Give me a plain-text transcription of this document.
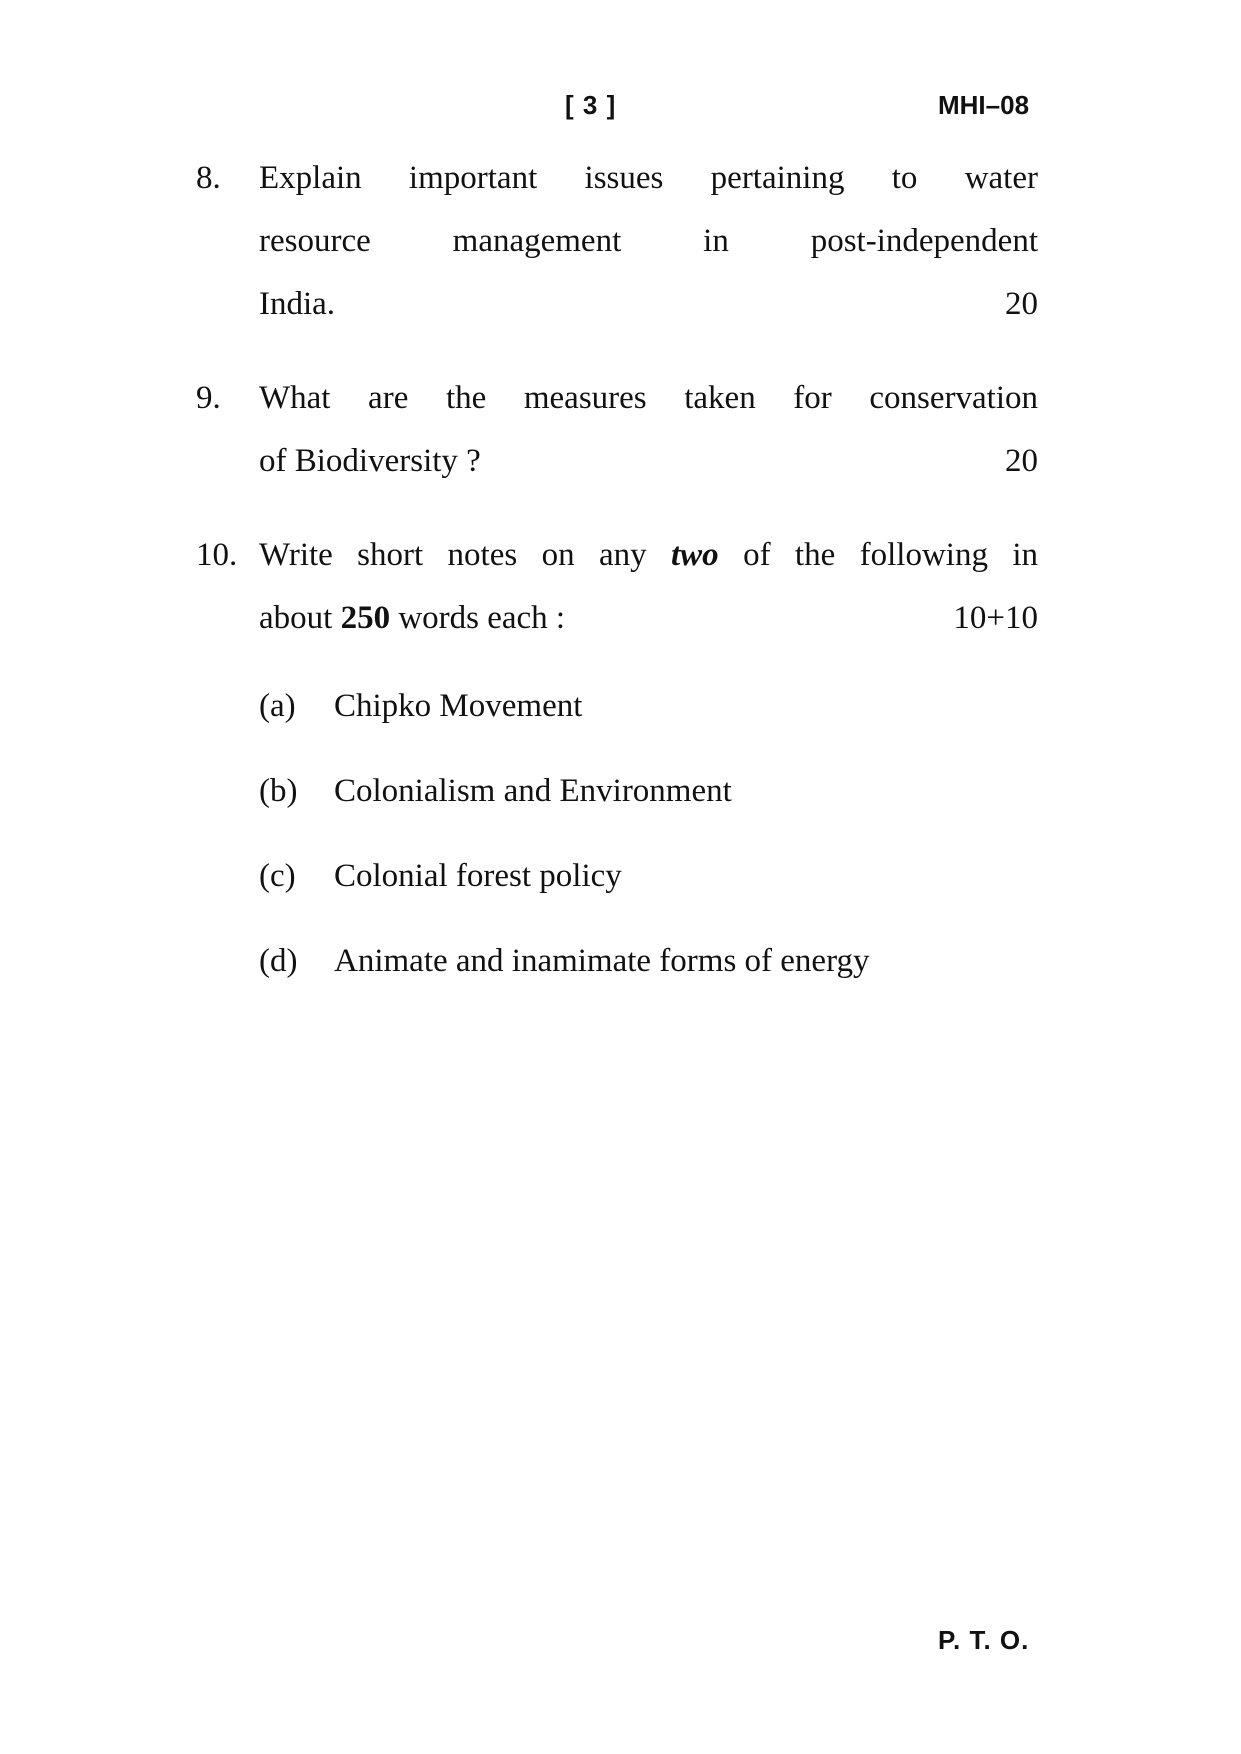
[ 3 ]	MHI–08
8. Explain important issues pertaining to water
resource management in post-independent
India.	20
9. What are the measures taken for conservation
of Biodiversity ?	20
10. Write short notes on any two of the following in
about 250 words each :	10+10
(a) Chipko Movement
(b) Colonialism and Environment
(c) Colonial forest policy
(d) Animate and inamimate forms of energy
P. T. O.
